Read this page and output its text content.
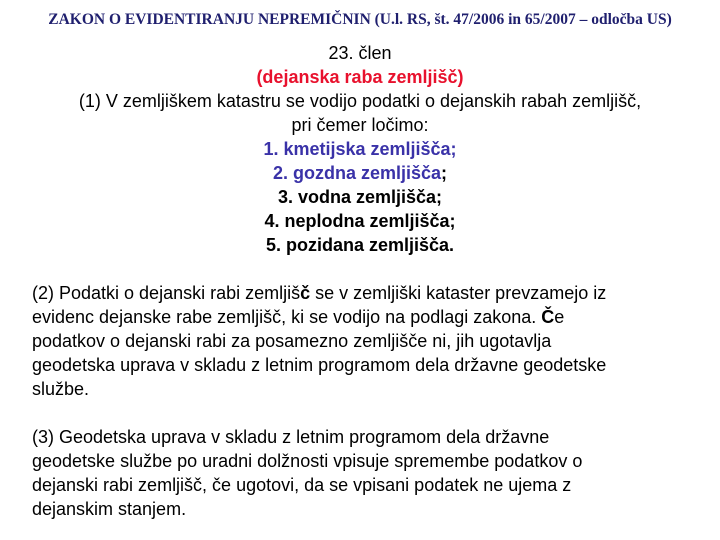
ZAKON O EVIDENTIRANJU NEPREMIČNIN (U.l. RS, št. 47/2006 in 65/2007 – odločba US)
23. člen
(dejanska raba zemljišč)
(1) V zemljiškem katastru se vodijo podatki o dejanskih rabah zemljišč,
pri čemer ločimo:
1. kmetijska zemljišča;
2. gozdna zemljišča;
3. vodna zemljišča;
4. neplodna zemljišča;
5. pozidana zemljišča.
(2) Podatki o dejanski rabi zemljišč se v zemljiški kataster prevzamejo iz
evidenc dejanske rabe zemljišč, ki se vodijo na podlagi zakona. Če
podatkov o dejanski rabi za posamezno zemljišče ni, jih ugotavlja
geodetska uprava v skladu z letnim programom dela državne geodetske
službe.
(3) Geodetska uprava v skladu z letnim programom dela državne
geodetske službe po uradni dolžnosti vpisuje spremembe podatkov o
dejanski rabi zemljišč, če ugotovi, da se vpisani podatek ne ujema z
dejanskim stanjem.
